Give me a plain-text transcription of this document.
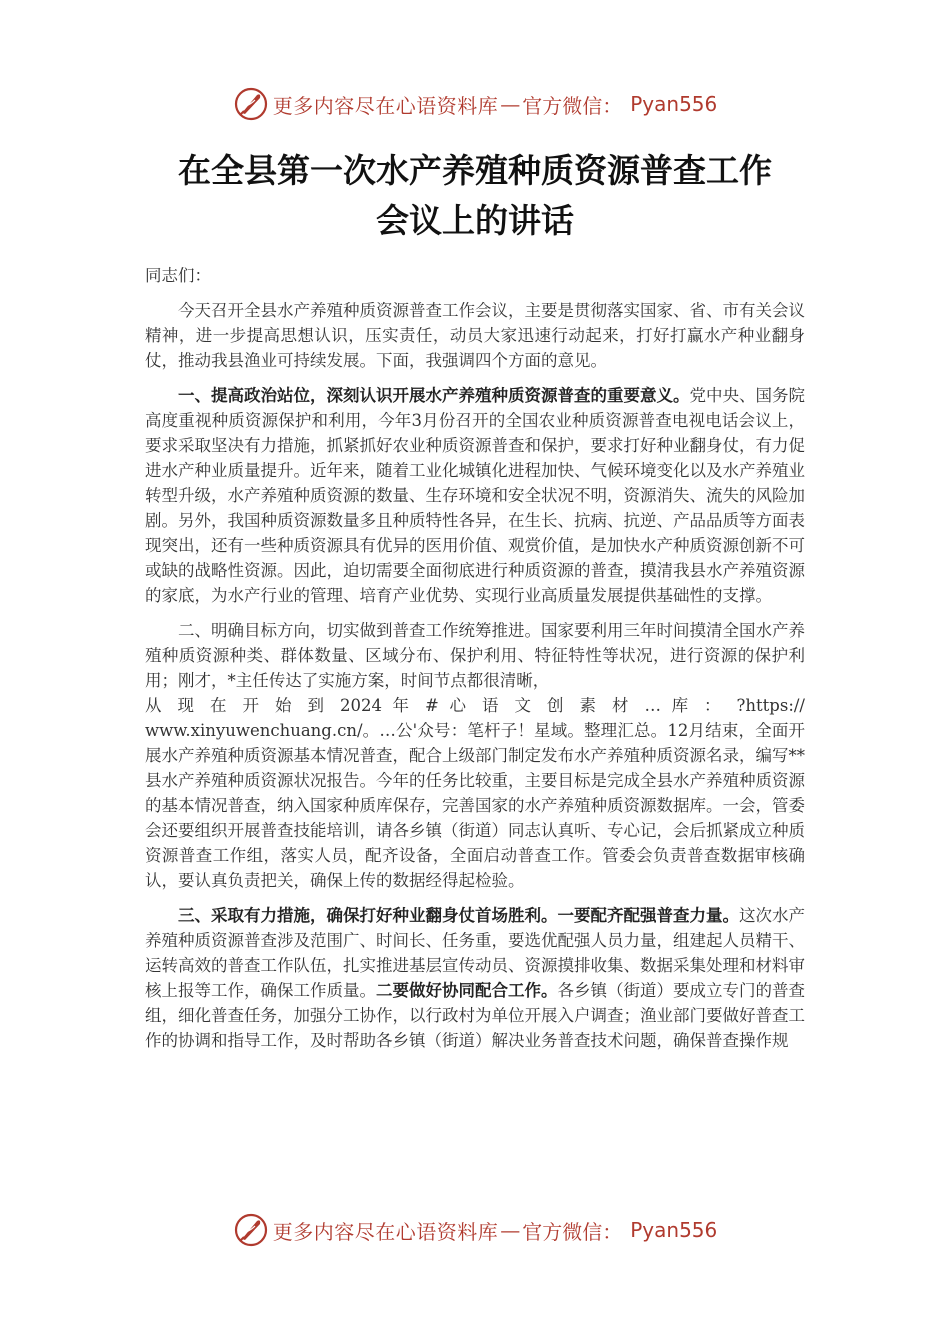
更多内容尽在心语资料库 — 官方微信： Pyan556
在全县第一次水产养殖种质资源普查工作
会议上的讲话

同志们：

今天召开全县水产养殖种质资源普查工作会议，主要是贯彻落实国家、省、市有关会议精神，进一步提高思想认识，压实责任，动员大家迅速行动起来，打好打赢水产种业翻身仗，推动我县渔业可持续发展。下面，我强调四个方面的意见。

一、提高政治站位，深刻认识开展水产养殖种质资源普查的重要意义。党中央、国务院高度重视种质资源保护和利用，今年3月份召开的全国农业种质资源普查电视电话会议上，要求采取坚决有力措施，抓紧抓好农业种质资源普查和保护，要求打好种业翻身仗，有力促进水产种业质量提升。近年来，随着工业化城镇化进程加快、气候环境变化以及水产养殖业转型升级，水产养殖种质资源的数量、生存环境和安全状况不明，资源消失、流失的风险加剧。另外，我国种质资源数量多且种质特性各异，在生长、抗病、抗逆、产品品质等方面表现突出，还有一些种质资源具有优异的医用价值、观赏价值，是加快水产种质资源创新不可或缺的战略性资源。因此，迫切需要全面彻底进行种质资源的普查，摸清我县水产养殖资源的家底，为水产行业的管理、培育产业优势、实现行业高质量发展提供基础性的支撑。

二、明确目标方向，切实做到普查工作统筹推进。国家要利用三年时间摸清全国水产养殖种质资源种类、群体数量、区域分布、保护利用、特征特性等状况，进行资源的保护利用；刚才，*主任传达了实施方案，时间节点都很清晰，

从 现 在 开 始 到 2024 年 # 心 语 文 创 素 材 … 库 ： ?https://

www.xinyuwenchuang.cn/。…公'众号：笔杆子！星域。整理汇总。12月结束，全面开展水产养殖种质资源基本情况普查，配合上级部门制定发布水产养殖种质资源名录，编写**县水产养殖种质资源状况报告。今年的任务比较重，主要目标是完成全县水产养殖种质资源的基本情况普查，纳入国家种质库保存，完善国家的水产养殖种质资源数据库。一会，管委会还要组织开展普查技能培训，请各乡镇（街道）同志认真听、专心记，会后抓紧成立种质资源普查工作组，落实人员，配齐设备，全面启动普查工作。管委会负责普查数据审核确认，要认真负责把关，确保上传的数据经得起检验。

三、采取有力措施，确保打好种业翻身仗首场胜利。一要配齐配强普查力量。这次水产养殖种质资源普查涉及范围广、时间长、任务重，要选优配强人员力量，组建起人员精干、运转高效的普查工作队伍，扎实推进基层宣传动员、资源摸排收集、数据采集处理和材料审核上报等工作，确保工作质量。二要做好协同配合工作。各乡镇（街道）要成立专门的普查组，细化普查任务，加强分工协作，以行政村为单位开展入户调查；渔业部门要做好普查工作的协调和指导工作，及时帮助各乡镇（街道）解决业务普查技术问题，确保普查操作规

更多内容尽在心语资料库 — 官方微信： Pyan556
